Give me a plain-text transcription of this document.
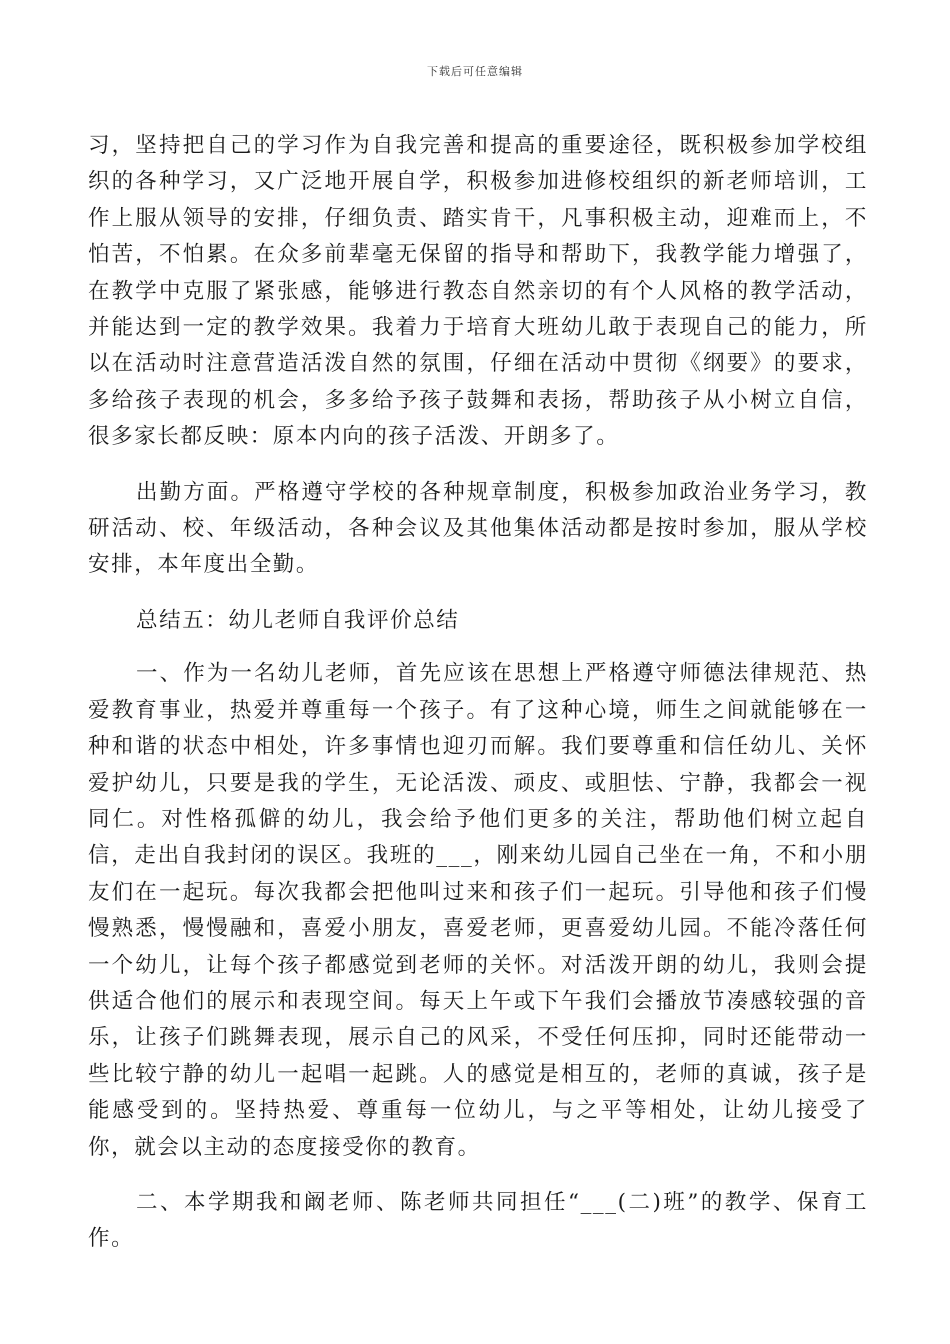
下载后可任意编辑

习，坚持把自己的学习作为自我完善和提高的重要途径，既积极参加学校组织的各种学习，又广泛地开展自学，积极参加进修校组织的新老师培训，工作上服从领导的安排，仔细负责、踏实肯干，凡事积极主动，迎难而上，不怕苦，不怕累。在众多前辈毫无保留的指导和帮助下，我教学能力增强了，在教学中克服了紧张感，能够进行教态自然亲切的有个人风格的教学活动，并能达到一定的教学效果。我着力于培育大班幼儿敢于表现自己的能力，所以在活动时注意营造活泼自然的氛围，仔细在活动中贯彻《纲要》的要求，多给孩子表现的机会，多多给予孩子鼓舞和表扬，帮助孩子从小树立自信，很多家长都反映：原本内向的孩子活泼、开朗多了。

出勤方面。严格遵守学校的各种规章制度，积极参加政治业务学习，教研活动、校、年级活动，各种会议及其他集体活动都是按时参加，服从学校安排，本年度出全勤。

总结五：幼儿老师自我评价总结

一、作为一名幼儿老师，首先应该在思想上严格遵守师德法律规范、热爱教育事业，热爱并尊重每一个孩子。有了这种心境，师生之间就能够在一种和谐的状态中相处，许多事情也迎刃而解。我们要尊重和信任幼儿、关怀爱护幼儿，只要是我的学生，无论活泼、顽皮、或胆怯、宁静，我都会一视同仁。对性格孤僻的幼儿，我会给予他们更多的关注，帮助他们树立起自信，走出自我封闭的误区。我班的___，刚来幼儿园自己坐在一角，不和小朋友们在一起玩。每次我都会把他叫过来和孩子们一起玩。引导他和孩子们慢慢熟悉，慢慢融和，喜爱小朋友，喜爱老师，更喜爱幼儿园。不能冷落任何一个幼儿，让每个孩子都感觉到老师的关怀。对活泼开朗的幼儿，我则会提供适合他们的展示和表现空间。每天上午或下午我们会播放节凑感较强的音乐，让孩子们跳舞表现，展示自己的风采，不受任何压抑，同时还能带动一些比较宁静的幼儿一起唱一起跳。人的感觉是相互的，老师的真诚，孩子是能感受到的。坚持热爱、尊重每一位幼儿，与之平等相处，让幼儿接受了你，就会以主动的态度接受你的教育。

二、本学期我和阚老师、陈老师共同担任“___(二)班”的教学、保育工作。
